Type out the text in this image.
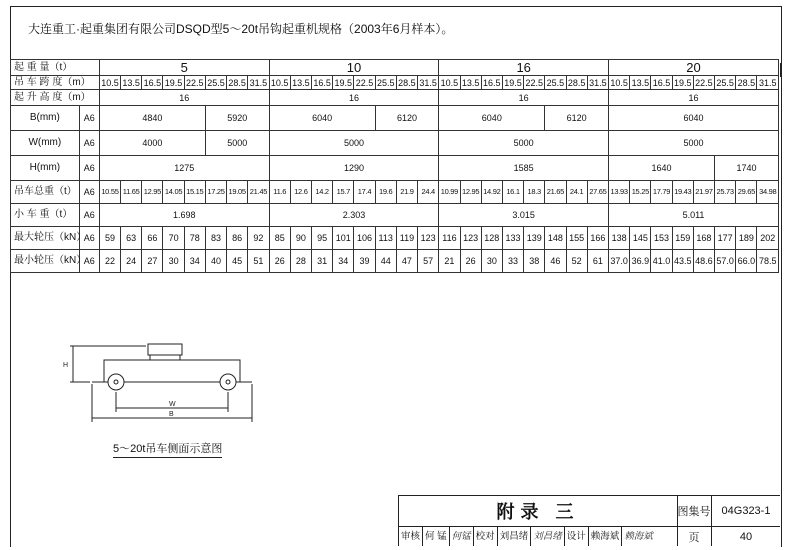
大连重工·起重集团有限公司DSQD型5～20t吊钩起重机规格（2003年6月样本）。
起 重 量（t）		5								10								16								20							
吊 车 跨 度（m）		10.5	13.5	16.5	19.5	22.5	25.5	28.5	31.5	10.5	13.5	16.5	19.5	22.5	25.5	28.5	31.5	10.5	13.5	16.5	19.5	22.5	25.5	28.5	31.5	10.5	13.5	16.5	19.5	22.5	25.5	28.5	31.5
起 升 高 度（m）		16								16								16								16							
B(mm)	A6	4840					5920			6040					6120			6040					6120			6040							
W(mm)	A6	4000					5000			5000								5000								5000							
H(mm)	A6	1275								1290								1585								1640					1740		
吊车总重（t）	A6	10.55	11.65	12.95	14.05	15.15	17.25	19.05	21.45	11.6	12.6	14.2	15.7	17.4	19.6	21.9	24.4	10.99	12.95	14.92	16.1	18.3	21.65	24.1	27.65	13.93	15.25	17.79	19.43	21.97	25.73	29.65	34.98
小 车 重（t）	A6	1.698								2.303								3.015								5.011							
最大轮压（kN）	A6	59	63	66	70	78	83	86	92	85	90	95	101	106	113	119	123	116	123	128	133	139	148	155	166	138	145	153	159	168	177	189	202
最小轮压（kN）	A6	22	24	27	30	34	40	45	51	26	28	31	34	39	44	47	57	21	26	30	33	38	46	52	61	37.0	36.9	41.0	43.5	48.6	57.0	66.0	78.5
H
W
B
5～20t吊车侧面示意图
附录 三	图集号	04G323-1
审核 何 锰 何锰 校对 刘昌绪 刘昌绪 设计 赖海斌 赖海斌	页	40
